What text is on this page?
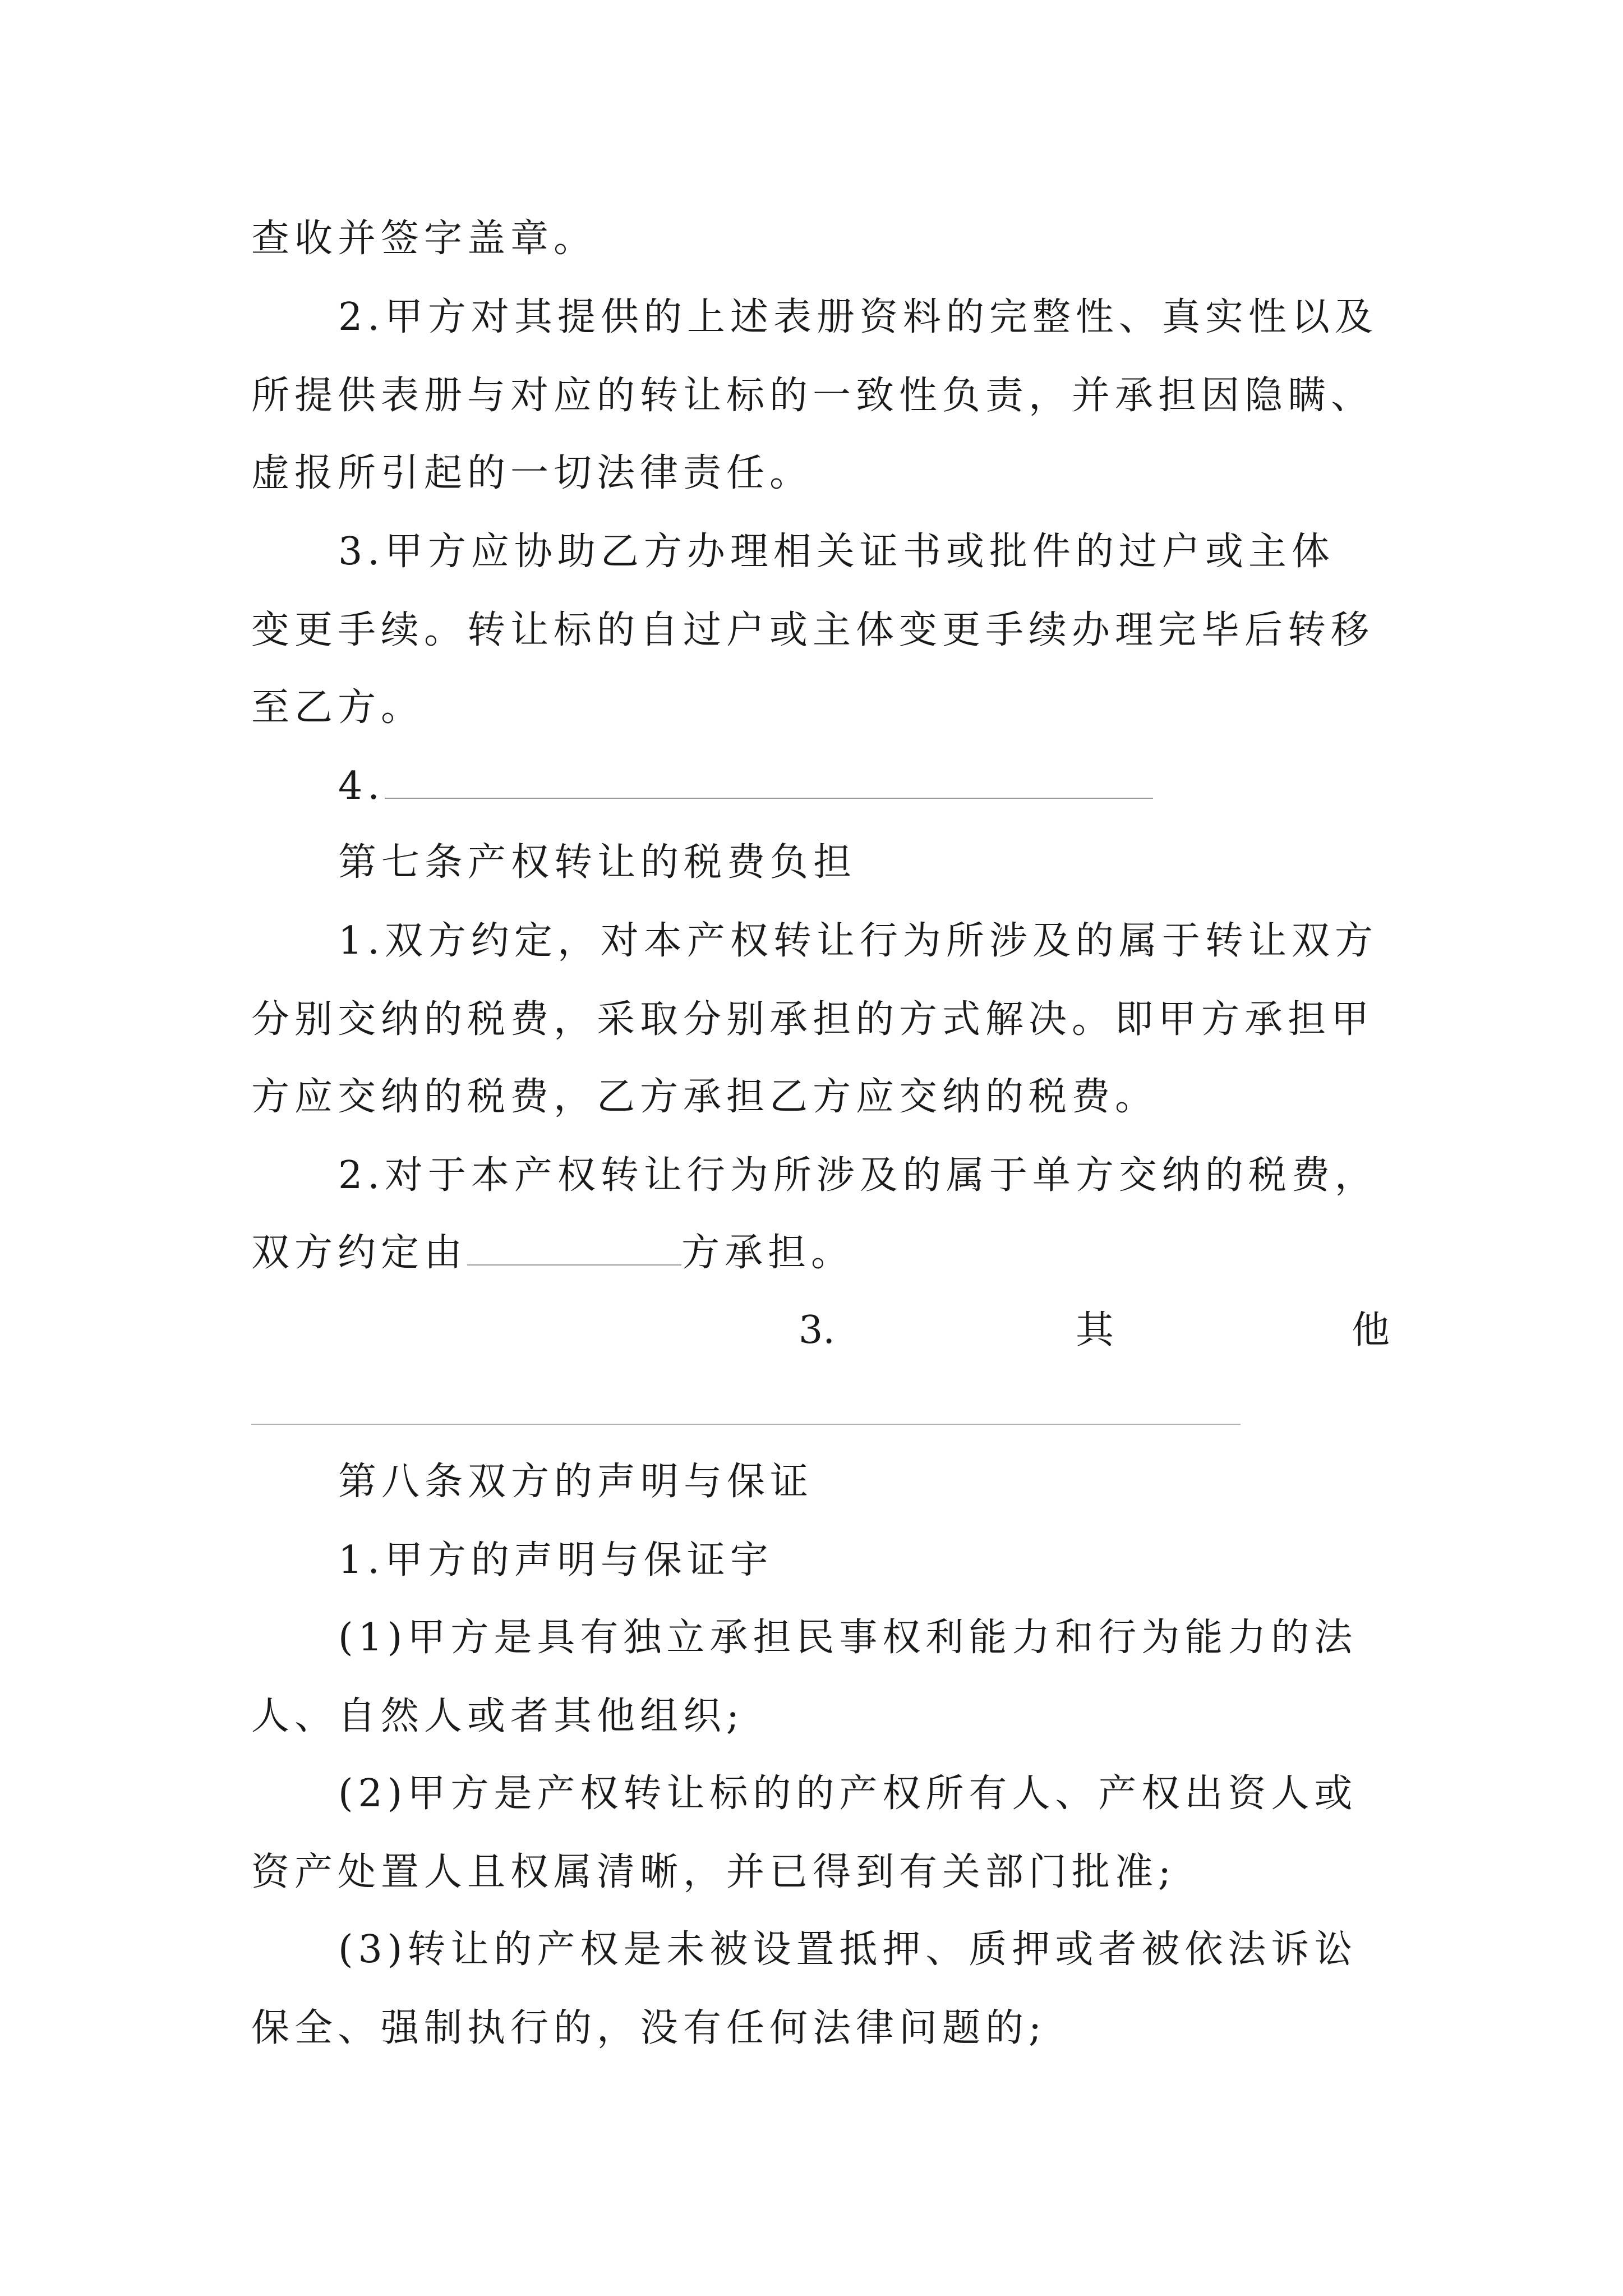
查收并签字盖章。
2.甲方对其提供的上述表册资料的完整性、真实性以及
所提供表册与对应的转让标的一致性负责，并承担因隐瞒、
虚报所引起的一切法律责任。
3.甲方应协助乙方办理相关证书或批件的过户或主体
变更手续。转让标的自过户或主体变更手续办理完毕后转移
至乙方。
4.
第七条产权转让的税费负担
1.双方约定，对本产权转让行为所涉及的属于转让双方
分别交纳的税费，采取分别承担的方式解决。即甲方承担甲
方应交纳的税费，乙方承担乙方应交纳的税费。
2.对于本产权转让行为所涉及的属于单方交纳的税费，
双方约定由	方承担。
3.	其	他
第八条双方的声明与保证
1.甲方的声明与保证宇
(1)甲方是具有独立承担民事权利能力和行为能力的法
人、自然人或者其他组织;
(2)甲方是产权转让标的的产权所有人、产权出资人或
资产处置人且权属清晰，并已得到有关部门批准;
(3)转让的产权是未被设置抵押、质押或者被依法诉讼
保全、强制执行的，没有任何法律问题的;
